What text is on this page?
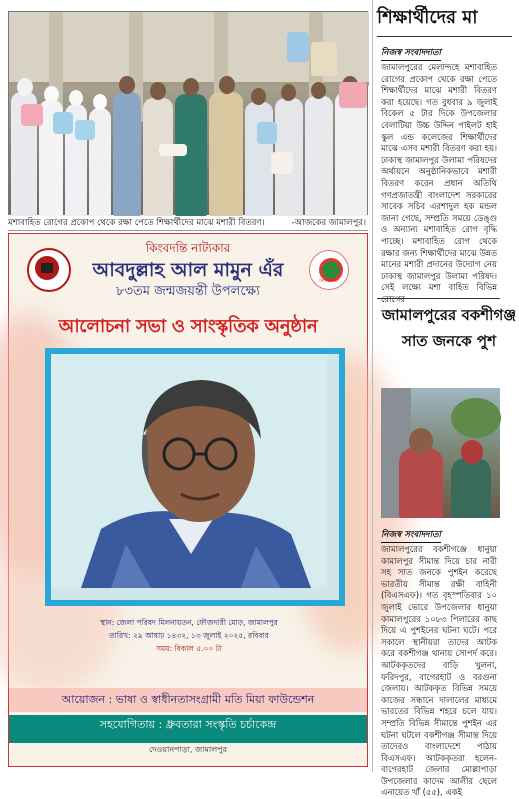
মশাবাহিত রোগের প্রকোপ থেকে রক্ষা পেতে শিক্ষার্থীদের মাঝে মশারী বিতরণ।	-আজকের জামালপুর।
ঢংগাঁপাড়া
কিংবদন্তি নাট্যকার
আবদুল্লাহ আল মামুন এঁর
৮৩তম জন্মজয়ন্তী উপলক্ষ্যে
আলোচনা সভা ও সাংস্কৃতিক অনুষ্ঠান
স্থান: জেলা পরিষদ মিলনায়তন, ফৌজদারী মোড়, জামালপুর
তারিখ: ২৯ আষাঢ় ১৪৩২, ১৩ জুলাই ২০২৫, রবিবার
সময়: বিকাল ৫.০০ টা
আয়োজন : ভাষা ও স্বাধীনতাসংগ্রামী মতি মিয়া ফাউন্ডেশন
সহযোগিতায় : ধ্রুবতারা সংস্কৃতি চর্চাকেন্দ্র
দেওয়ানপাড়া, জামালপুর
শিক্ষার্থীদের মা
নিজস্ব সংবাদদাতা
জামালপুরের মেলান্দহে মশাবাহিত রোগের প্রকোপ থেকে রক্ষা পেতে শিক্ষার্থীদের মাঝে মশারী বিতরণ করা হয়েছে। গত বুধবার ৯ জুলাই বিকেল ৫ টার দিকে উপজেলার বেলাটিয়া উচ্চ উদ্দিন পাইলট হাই স্কুল এন্ড কলেজের শিক্ষার্থীদের মাঝে এসব মশারী বিতরণ করা হয়। ঢাকাস্থ জামালপুর উলামা পরিষদের অর্থায়নে অনুষ্ঠানিকভাবে মশারী বিতরণ করেন প্রধান অতিথি গণপ্রজাতন্ত্রী বাংলাদেশ সরকারের সাবেক সচিব এরশাদুল হক মন্ডল জানা গেছে, সম্প্রতি সময়ে ডেঙ্গু ও অন্যান্য মশাবাহিত রোগ বৃদ্ধি পাচ্ছে। মশাবাহিত রোগ থেকে রক্ষার জন্য শিক্ষার্থীদের মাঝে উন্নত মানের মশারী প্রদানের উদ্যোগ নেয় ঢাকাস্থ জামালপুর উলামা পরিষদ। সেই লক্ষ্যে মশা বাহিত বিভিন্ন
জামালপুরের বকশীগঞ্জ
সাত জনকে পুশ
নিজস্ব সংবাদদাতা
জামালপুরের বকশীগঞ্জে ধানুয়া কামালপুর সীমান্ত দিয়ে চার নারী সহ সাত জনকে পুশইন করেছে ভারতীয় সীমান্ত রক্ষী বাহিনী (বিএসএফ)। গত বৃহস্পতিবার ১০ জুলাই ভোরে উপজেলার ধানুয়া কামালপুরের ১০৮৩ পিলারের কাছ দিয়ে এ পুশইনের ঘটনা ঘটে। পরে সকালে স্থানীয়রা তাদের আটক করে বকশীগঞ্জ থানায় সোপর্দ করে। আটককৃতদের বাড়ি খুলনা, ফরিদপুর, বাগেরহাট ও বরগুনা জেলায়। আটককৃত বিভিন্ন সময়ে কাজের সন্ধানে দালালের মাধ্যমে ভারতের বিভিন্ন শহরে চলে যায়। সম্প্রতি বিভিন্ন সীমান্তে পুশইন এর ঘটনা ঘটলে বকশীগঞ্জ সীমান্ত দিয়ে তাদেরও বাংলাদেশে পাঠায় বিএসএফ। আটককৃতরা হলেন- বাগেরহাট জেলার মোল্লাপাড়া উপজেলার কাদেম আলীর ছেলে এনায়েত খাঁ (৫৫), একই
